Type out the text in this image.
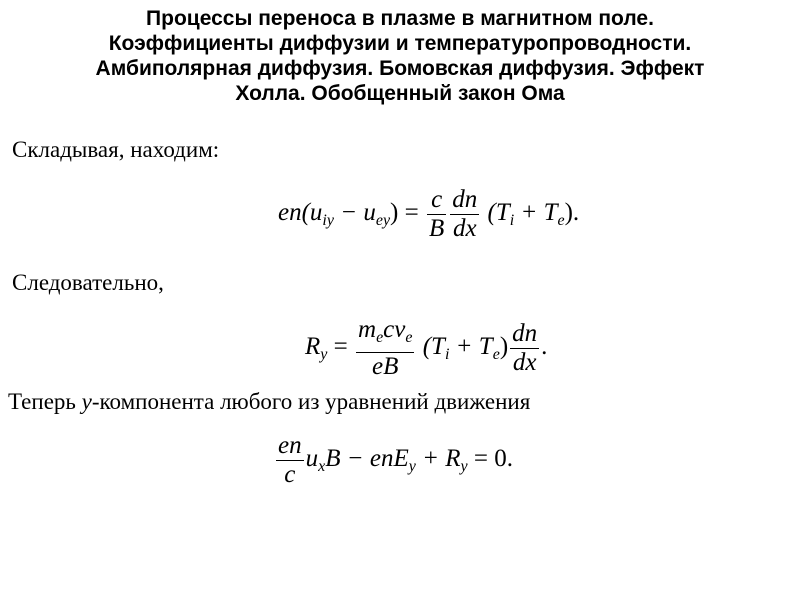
Процессы переноса в плазме в магнитном поле.
Коэффициенты диффузии и температуропроводности.
Амбиполярная диффузия. Бомовская диффузия. Эффект
Холла. Обобщенный закон Ома
Складывая, находим:
$en(u_{iy} - u_{ey}) = \frac{c}{B} \frac{dn}{dx} (T_i + T_e)$.
Следовательно,
$R_y = \frac{m_ec\nu_e}{eB} (T_i + T_e) \frac{dn}{dx}$ .
Теперь y-компонента любого из уравнений движения
$\frac{en}{c} u_xB - enE_y + R_y = 0$.
